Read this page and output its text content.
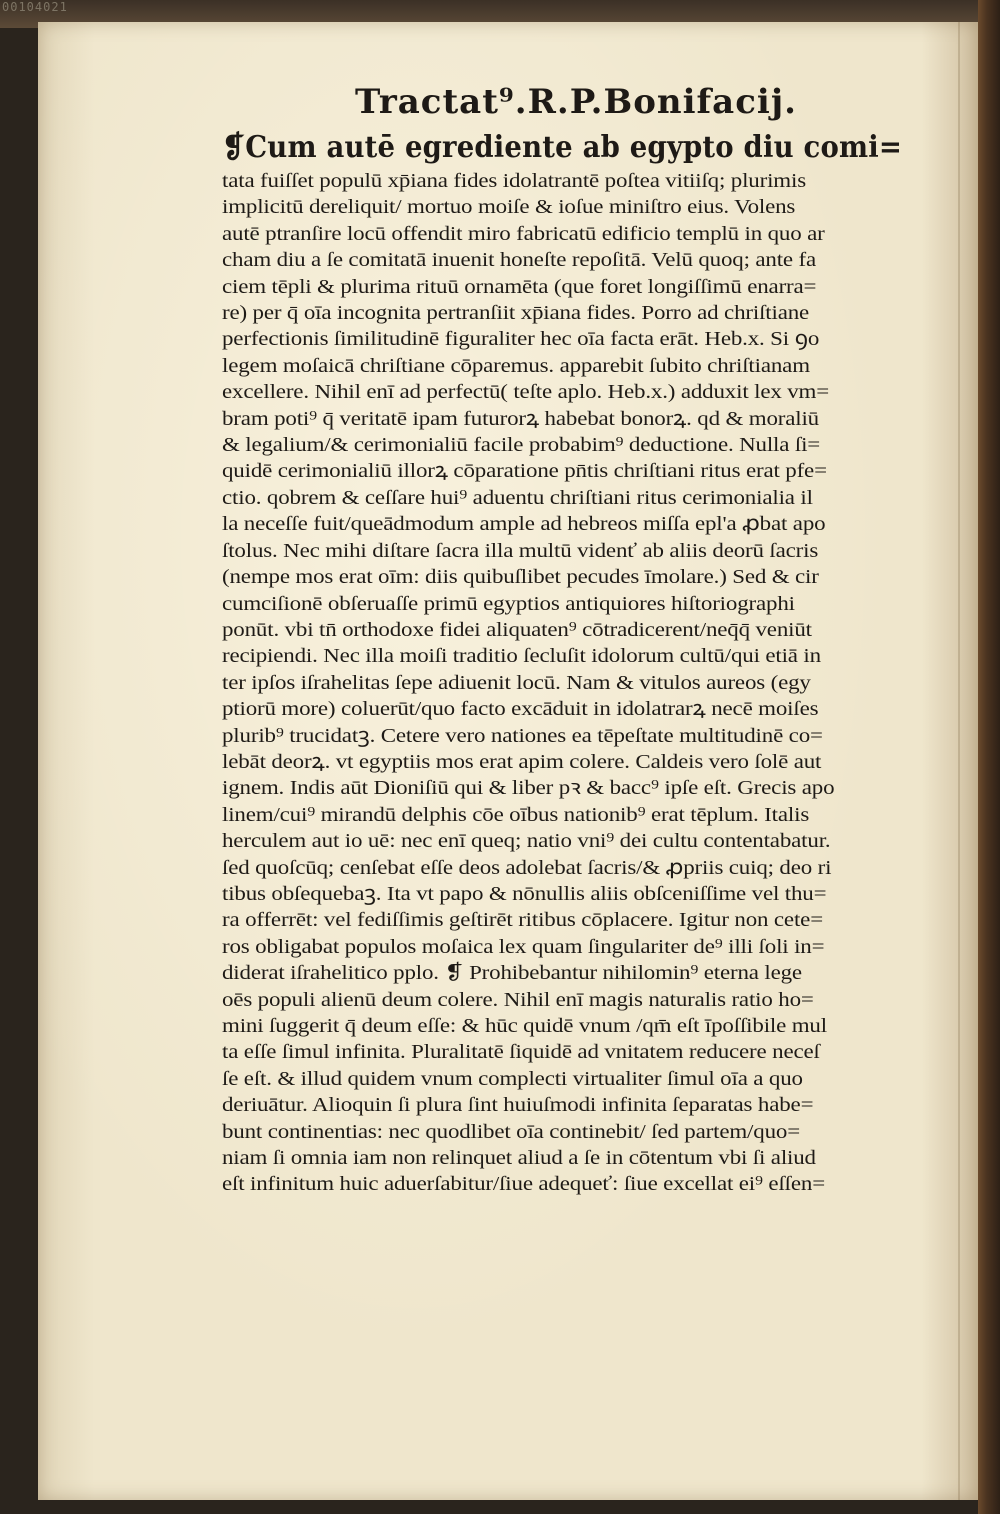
00104021
Tractat⁹.R.P.Bonifacij.
❡Cum autē egrediente ab egypto diu comi=
tata fuiſſet populū xp̄iana fides idolatrantē poſtea vitiiſq; plurimis
implicitū dereliquit/ mortuo moiſe & ioſue miniſtro eius. Volens
autē ptranſire locū offendit miro fabricatū edificio templū in quo ar
cham diu a ſe comitatā inuenit honeſte repoſitā. Velū quoq; ante fa
ciem tēpli & plurima rituū ornamēta (que foret longiſſimū enarra=
re) per q̄ oīa incognita pertranſiit xp̄iana fides. Porro ad chriſtiane
perfectionis ſimilitudinē figuraliter hec oīa facta erāt. Heb.x. Si ꝯo
legem moſaicā chriſtiane cōparemus. apparebit ſubito chriſtianam
excellere. Nihil enī ad perfectū( teſte aplo. Heb.x.) adduxit lex vm=
bram poti⁹ q̄ veritatē ipam futurorꝝ habebat bonorꝝ. qd & moraliū
& legalium/& cerimonialiū facile probabim⁹ deductione. Nulla ſi=
quidē cerimonialiū illorꝝ cōparatione pn̄tis chriſtiani ritus erat pfe=
ctio. qobrem & ceſſare hui⁹ aduentu chriſtiani ritus cerimonialia il
la neceſſe fuit/queādmodum ample ad hebreos miſſa epl'a ꝓbat apo
ſtolus. Nec mihi diſtare ſacra illa multū videnť ab aliis deorū ſacris
(nempe mos erat oīm: diis quibuſlibet pecudes īmolare.) Sed & cir
cumciſionē obſeruaſſe primū egyptios antiquiores hiſtoriographi
ponūt. vbi tn̄ orthodoxe fidei aliquaten⁹ cōtradicerent/neq̄q̄ veniūt
recipiendi. Nec illa moiſi traditio ſecluſit idolorum cultū/qui etiā in
ter ipſos iſrahelitas ſepe adiuenit locū. Nam & vitulos aureos (egy
ptiorū more) coluerūt/quo facto excāduit in idolatrarꝝ necē moiſes
plurib⁹ trucidatꝫ. Cetere vero nationes ea tēpeſtate multitudinē co=
lebāt deorꝝ. vt egyptiis mos erat apim colere. Caldeis vero ſolē aut
ignem. Indis aūt Dioniſiū qui & liber pꝛ & bacc⁹ ipſe eſt. Grecis apo
linem/cui⁹ mirandū delphis cōe oībus nationib⁹ erat tēplum. Italis
herculem aut io uē: nec enī queq; natio vni⁹ dei cultu contentabatur.
ſed quoſcūq; cenſebat eſſe deos adolebat ſacris/& ꝓpriis cuiq; deo ri
tibus obſequebaꝫ. Ita vt papo & nōnullis aliis obſceniſſime vel thu=
ra offerrēt: vel fediſſimis geſtirēt ritibus cōplacere. Igitur non cete=
ros obligabat populos moſaica lex quam ſingulariter de⁹ illi ſoli in=
diderat iſrahelitico pplo. ❡ Prohibebantur nihilomin⁹ eterna lege
oēs populi alienū deum colere. Nihil enī magis naturalis ratio ho=
mini ſuggerit q̄ deum eſſe: & hūc quidē vnum /qm̄ eſt īpoſſibile mul
ta eſſe ſimul infinita. Pluralitatē ſiquidē ad vnitatem reducere neceſ
ſe eſt. & illud quidem vnum complecti virtualiter ſimul oīa a quo
deriuātur. Alioquin ſi plura ſint huiuſmodi infinita ſeparatas habe=
bunt continentias: nec quodlibet oīa continebit/ ſed partem/quo=
niam ſi omnia iam non relinquet aliud a ſe in cōtentum vbi ſi aliud
eſt infinitum huic aduerſabitur/ſiue adequeť: ſiue excellat ei⁹ eſſen=
